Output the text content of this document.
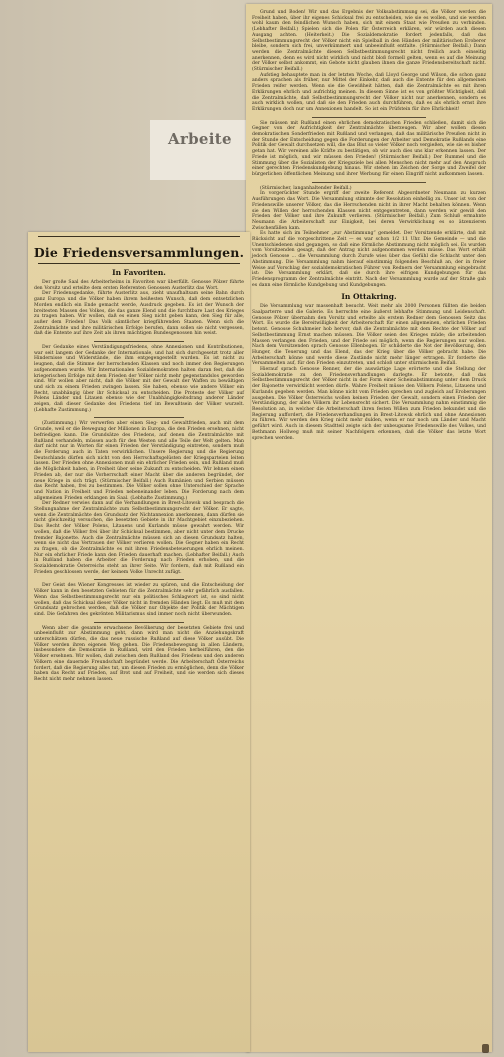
Arbeite

Grund und Boden! Wir und das Ergebnis der Volksabstimmung sei, die Völker werden die Freiheit haben, über ihr eigenes Schicksal frei zu entscheiden, wie sie es wollen, und sie werden wohl kaum den feindlichen Wunsch haben, sich mit einem Staat wie Preußen zu verbinden. (Lebhafter Beifall.) Spielen sich die Polen für Österreich erklären, wir würden auch diesen Ausgang achten. (Heiterkeit.) Die Sozialdemokratie fordert jedenfalls, daß das Selbstbestimmungsrecht der Völker nicht ein Spielball in den Händen der militärischen Eroberer bleibe, sondern sich frei, unverkümmert und unbeeinflußt entfalte. (Stürmischer Beifall.) Dann werden die Zentralmächte diesen Selbstbestimmungsrecht nicht freilich auch einseitig anerkennen, denn es wird nicht wirklich und nicht bloß formell gelten, wenn es auf die Meinung der Völker selbst ankommt, ein Gebote nicht glauben ihnen die ganze Friedensbereitschaft nicht. (Stürmischer Beifall.)

Aufstieg behauptete man in der letzten Woche, daß Lloyd George und Wilson, die schon ganz anders sprachen als früher, nur Mittel der Einkehr, daß auch die Entente für den allgemeinen Frieden reifer werden. Wenn sie die Gewißheit hätten, daß die Zentralmächte es mit ihren Erklärungen ehrlich und aufrichtig meinen. In diesem Sinne ist es von größter Wichtigkeit, daß die Zentralmächte, daß Selbstbestimmungsrecht der Völker nicht nur anerkennen, sondern es auch wirklich wollen, und daß sie den Frieden auch durchführen, daß es als ehrlich ernst ihre Erklärungen doch nur um Annexionen handelt. So ist ein Prüfstein für ihre Ehrlichkeit!

Sie müssen mit Rußland einen ehrlichen demokratischen Frieden schließen, damit sich die Gegner von der Aufrichtigkeit der Zentralmächte überzeugen. Wir aber wollen diesen demokratischen Sonderfrieden mit Rußland und verlangen, daß das militärische Preußen nicht in der Stunde der Entscheidung gegen die Forderungen der Arbeiter und Demokratie Rußlands eine Politik der Gewalt durchsetzen will, die das Blut so vieler Völker noch vergießen, wie sie es bisher getan hat. Wir vereinen alle Kräfte zu bestätigen, ob wir auch dies uns klar erkennen lassen. Der Friede ist möglich, und wir müssen den Frieden! (Stürmischer Beifall.) Der Rummel und die Stimmung über die Sozialisten der Kriegsziele bei allen Menschen nicht mehr auf den Anspruch einer gerechten Friedenskundgebung hinaus. Wir stehen im Zeichen der Sorge und Zweifel der bürgerlichen öffentlichen Meinung und ihrer Werbung für einen Eingriff nicht aufkommen lassen.

(Stürmischer, langanhaltender Beifall.)

In vorgerückter Stunde ergriff der zweite Referent Abgeordneter Neumann zu kurzen Ausführungen das Wort. Die Versammlung stimmte der Resolution einhellig zu. Unser ist von der Friedenswille unserer Völker, das die Herrschenden nicht in ihrer Macht behalten können. Wenn sie den Willen der herrschenden Klassen nicht entgegentreten, dann werden wir gewiß den Frieden der Völker und ihre Zukunft verlieren. (Stürmischer Beifall.) Zum Schluß ermahnte Neumann die Arbeiterschaft zur Einigkeit, bei deren Verwirklichung es so ätzenzieren Zwischenfällen kam.

Es hatte sich im Teilnehmer „zur Abstimmung“ gemeldet. Der Vorsitzende erklärte, daß mit Rücksicht auf die vorgeschrittene Zeit — es war schon 1/2 11 Uhr. Die Gemeinde — und die Unentschiedenen sind gegangen, so daß eine förmliche Abstimmung nicht möglich sei. Es wurden vom Vorsitzenden gesagt, daß der Antrag nicht aufgenommen werden müsse. Das Wort erhält jedoch Genosse ... die Versammlung durch Zurufe wies über das Gefühl die Schlacht unter den Abstimmung. Die Versammlung nahm hierauf einstimmig folgenden Beschluß an, der in freier Weise auf Vorschlag der sozialdemokratischen Führer von Rednern der Versammlung eingebracht ist: Die Versammlung erklärt, daß sie durch ihre eifrigen Kundgebungen für das Friedensprogramm der Zentralmächte eintritt. Nach der Versammlung wurde auf der Straße gab es dann eine förmliche Kundgebung und Kundgebungen.

In Ottakring.

Die Versammlung war massenhaft besucht. Weit mehr als 2000 Personen füllten die beiden Saalparterre und die Galerie. Es herrschte eine äußerst lebhafte Stimmung und Leidenschaft. Genosse Pölzer übernahm den Vorsitz und erteilte als erstem Redner dem Genossen Seitz das Wort. Es wurde die Bereitwilligkeit der Arbeiterschaft für einen allgemeinen, ehrlichen Frieden betont. Genosse Schuhmeier hob hervor, daß die Zentralmächte mit dem Rechte der Völker auf Selbstbestimmung Ernst machen müssen. Die Völker seien des Krieges müde; die arbeitenden Massen verlangen den Frieden, und der Friede sei möglich, wenn die Regierungen nur wollen. Nach dem Vorsitzenden sprach Genosse Ellenbogen. Er schilderte die Not der Bevölkerung, den Hunger, die Teuerung und das Elend, das der Krieg über die Völker gebracht habe. Die Arbeiterschaft könne und werde diese Zustände nicht mehr länger ertragen. Er forderte die Versammelten auf, für den Frieden einzutreten, und schloß unter stürmischem Beifall.

Hierauf sprach Genosse Renner, der die auswärtige Lage erörterte und die Stellung der Sozialdemokratie zu den Friedensverhandlungen darlegte. Er betonte, daß das Selbstbestimmungsrecht der Völker nicht in der Form einer Scheinabstimmung unter dem Druck der Bajonette verwirklicht werden dürfe. Wahre Freiheit müsse den Völkern Polens, Litauens und Kurlands gegeben werden. Man könne nicht vom Frieden sprechen und zugleich auf Eroberungen ausgehen. Die Völker Österreichs wollen keinen Frieden der Gewalt, sondern einen Frieden der Verständigung, der allen Völkern ihr Lebensrecht sichert. Die Versammlung nahm einstimmig die Resolution an, in welcher die Arbeiterschaft ihren festen Willen zum Frieden bekundet und die Regierung auffordert, die Friedensverhandlungen in Brest-Litowsk ehrlich und ohne Annexionen zu führen. Wir werden den Krieg nicht mehr dulden, wenn er nur noch um Länder und Macht geführt wird. Auch in diesem Stadtteil zeigte sich der unbeugsame Friedenswille des Volkes, und Bethmann Hollweg muß mit seiner Nachfolgern erkennen, daß die Völker das letzte Wort sprechen werden.

Die Friedensversammlungen.
In Favoriten.

Der große Saal des Arbeiterheims in Favoriten war überfüllt. Genosse Pölzer führte den Vorsitz und erteilte dem ersten Referenten Genossen Austerlitz das Wort.

Der Friedensgedanke, führte Austerlitz aus, zieht unaufhaltsam seine Bahn durch ganz Europa und die Völker haben ihrem heißesten Wunsch, daß dem entsetzlichen Morden endlich ein Ende gemacht werde, Ausdruck gegeben. Es ist der Wunsch der breitesten Massen des Volkes, die das ganze Elend und die furchtbare Last des Krieges zu tragen haben. Wir wollen, daß es einen Sieg nicht geben kann, den Sieg für alle, außer dem Frieden! Das Volk sämtlicher kriegführenden Staaten. Wenn sich die Zentralmächte und ihre militärischen Erfolge berufen, dann sollen sie nicht vergessen, daß die Entente auf ihre Zeit als ihren mächtigen Bundesgenossen hin weist.

Der Gedanke eines Verständigungsfriedens, ohne Annexionen und Kontributionen, war seit langem der Gedanke der Internationale, und hat sich durchgesetzt trotz aller Hindernisse und Widerstände, die ihm entgegengestellt wurden. Es ist nicht zu leugnen, daß die Stimme der herrschenden Klassen und noch immer den Regierungen aufgenommen wurde. Wir Internationalen Sozialdemokraten halten daran fest, daß die kriegerischen Erfolge mit dem Frieden der Völker nicht mehr gegenstandslos geworden sind. Wir wollen aber nicht, daß die Völker mit der Gewalt der Waffen zu bewältigen und sich zu einem Frieden zwingen lassen. Sie haben, ebenso wie andere Völker ein Recht, unabhängig über ihr Schicksal zu entscheiden. Die Proteste der Völker auf Polens Länder und Litauen ebenso wie der Unabhängigkeitsdrang anderer Länder zeigen, daß dieser Gedanke des Friedens tief im Bewußtsein der Völker wurzelt. (Lebhafte Zustimmung.)

(Zustimmung.) Wir verwerfen aber einen Sieg- und Gewaltfrieden, auch mit dem Grunde, weil er die Bewegung der Millionen in Europa, die den Frieden ersehnen, nicht befriedigen kann. Die Grundsätze des Friedens, auf denen die Zentralmächte mit Rußland verhandeln, müssen auch für den Westen und alle Teile der Welt gelten. Man darf nicht nur in Worten für einen Frieden der Verständigung eintreten, sondern muß die Forderung auch in Taten verwirklichen. Unsere Regierung und die Regierung Deutschlands dürfen sich nicht von den Herrschaftsgelüsten der Kriegsparteien leiten lassen. Der Frieden ohne Annexionen muß ein ehrlicher Frieden sein, und Rußland muß die Möglichkeit haben, in Freiheit über seine Zukunft zu entscheiden. Wir lehnen einen Frieden ab, der nur die Vorherrschaft einer Macht über die anderen begründet, der neue Kriege in sich trägt. (Stürmischer Beifall.) Auch Rumänien und Serbien müssen das Recht haben, frei zu bestimmen. Die Völker sollen ohne Unterschied der Sprache und Nation in Freiheit und Frieden nebeneinander leben. Die Forderung nach dem allgemeinen Frieden erklangen im Saal. (Lebhafte Zustimmung.)

Der Redner verwies dann auf die Verhandlungen in Brest-Litowsk und besprach die Stellungnahme der Zentralmächte zum Selbstbestimmungsrecht der Völker. Er sagte, wenn die Zentralmächte den Grundsatz der Nichtannexion anerkennen, dann dürfen sie nicht gleichzeitig versuchen, die besetzten Gebiete in ihr Machtgebiet einzubeziehen. Das Recht der Völker Polens, Litauens und Kurlands müsse gewahrt werden. Wir wollen, daß die Völker frei über ihr Schicksal bestimmen, aber nicht unter dem Drucke fremder Bajonette. Auch die Zentralmächte müssen sich an diesen Grundsatz halten, wenn sie nicht das Vertrauen der Völker verlieren wollen. Die Gegner haben ein Recht zu fragen, ob die Zentralmächte es mit ihren Friedensbeteuerungen ehrlich meinen. Nur ein ehrlicher Friede kann den Frieden dauerhaft machen. (Lebhafter Beifall.) Auch in Rußland haben die Arbeiter die Forderung nach Frieden erhoben, und die Sozialdemokratie Österreichs steht an ihrer Seite. Wir fordern, daß mit Rußland ein Frieden geschlossen werde, der keinem Volke Unrecht zufügt.

Der Geist des Wiener Kongresses ist wieder zu spüren, und die Entscheidung der Völker kann in den besetzten Gebieten für die Zentralmächte sehr gefährlich ausfallen. Wenn das Selbstbestimmungsrecht nur ein politisches Schlagwort ist, so sind nicht wollen, daß das Schicksal dieser Völker nicht in fremden Händen liegt. Es muß mit dem Grundsatz gebrochen werden, daß die Völker nur Objekte der Politik der Mächtigen sind. Die Gefahren des gekrönten Militarismus sind immer noch nicht überwunden.

Wenn aber die gesamte erwachsene Bevölkerung der besetzten Gebiete frei und unbeeinflußt zur Abstimmung geht, dann wird man nicht die Anziehungskraft unterschätzen dürfen, die das neue russische Rußland auf diese Völker ausübt. Die Völker werden ihren eigenen Weg gehen. Die Friedensbewegung in allen Ländern, insbesondere die Demokratie in Rußland, wird den Frieden herbeiführen, den die Völker ersehnen. Wir wollen, daß zwischen dem Rußland des Friedens und den anderen Völkern eine dauernde Freundschaft begründet werde. Die Arbeiterschaft Österreichs fordert, daß die Regierung alles tut, um diesen Frieden zu ermöglichen, denn die Völker haben das Recht auf Frieden, auf Brot und auf Freiheit, und sie werden sich dieses Recht nicht mehr nehmen lassen.
